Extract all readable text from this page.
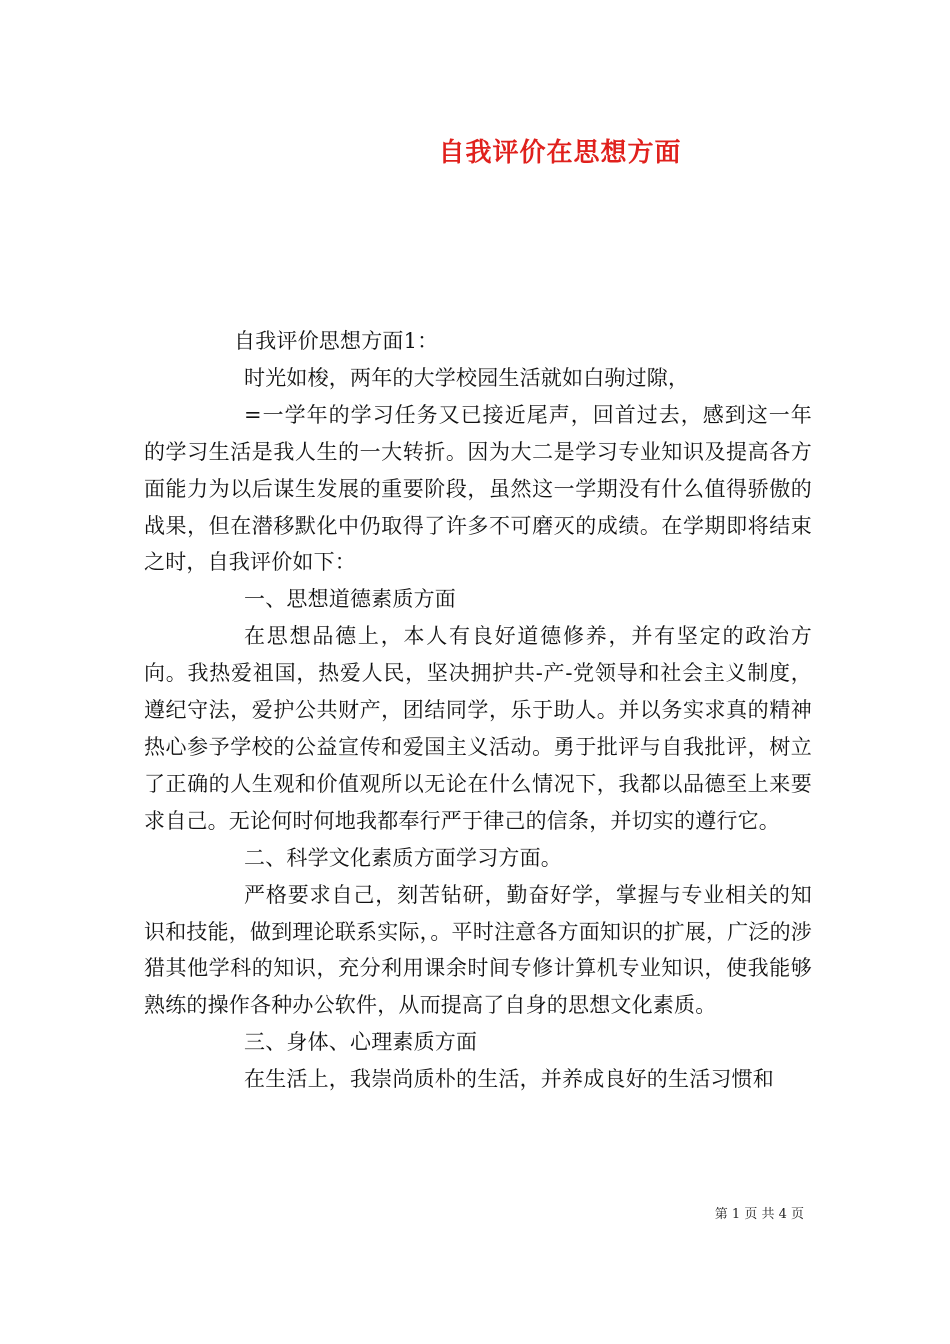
自我评价在思想方面

自我评价思想方面1：

时光如梭，两年的大学校园生活就如白驹过隙，

=一学年的学习任务又已接近尾声，回首过去，感到这一年的学习生活是我人生的一大转折。因为大二是学习专业知识及提高各方面能力为以后谋生发展的重要阶段，虽然这一学期没有什么值得骄傲的战果，但在潜移默化中仍取得了许多不可磨灭的成绩。在学期即将结束之时，自我评价如下：

一、思想道德素质方面

在思想品德上，本人有良好道德修养，并有坚定的政治方向。我热爱祖国，热爱人民，坚决拥护共-产-党领导和社会主义制度，遵纪守法，爱护公共财产，团结同学，乐于助人。并以务实求真的精神热心参予学校的公益宣传和爱国主义活动。勇于批评与自我批评，树立了正确的人生观和价值观所以无论在什么情况下，我都以品德至上来要求自己。无论何时何地我都奉行严于律己的信条，并切实的遵行它。

二、科学文化素质方面学习方面。

严格要求自己，刻苦钻研，勤奋好学，掌握与专业相关的知识和技能，做到理论联系实际，。平时注意各方面知识的扩展，广泛的涉猎其他学科的知识，充分利用课余时间专修计算机专业知识，使我能够熟练的操作各种办公软件，从而提高了自身的思想文化素质。

三、身体、心理素质方面

在生活上，我崇尚质朴的生活，并养成良好的生活习惯和

第 1 页 共 4 页
